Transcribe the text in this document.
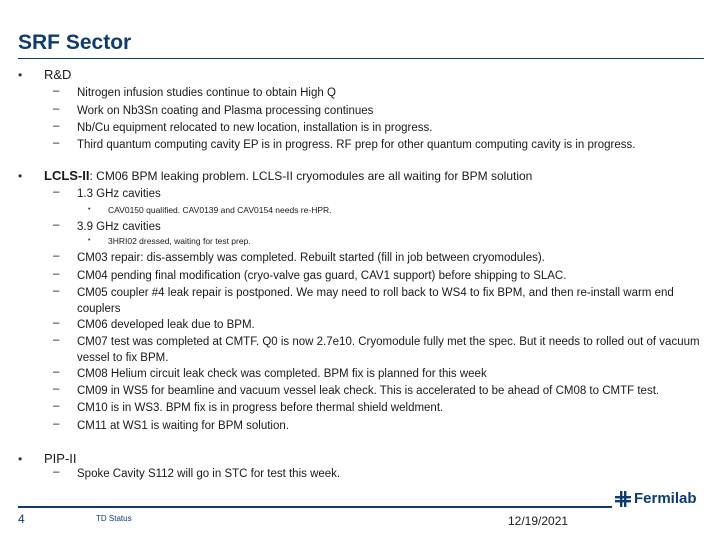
SRF Sector
• R&D
– Nitrogen infusion studies continue to obtain High Q
– Work on Nb3Sn coating and Plasma processing continues
– Nb/Cu equipment relocated to new location, installation is in progress.
– Third quantum computing cavity EP is in progress. RF prep for other quantum computing cavity is in progress.
• LCLS-II: CM06 BPM leaking problem. LCLS-II cryomodules are all waiting for BPM solution
– 1.3 GHz cavities
• CAV0150 qualified. CAV0139 and CAV0154 needs re-HPR.
– 3.9 GHz cavities
• 3HRI02 dressed, waiting for test prep.
– CM03 repair: dis-assembly was completed. Rebuilt started (fill in job between cryomodules).
– CM04 pending final modification (cryo-valve gas guard, CAV1 support) before shipping to SLAC.
– CM05 coupler #4 leak repair is postponed. We may need to roll back to WS4 to fix BPM, and then re-install warm end couplers
– CM06 developed leak due to BPM.
– CM07 test was completed at CMTF. Q0 is now 2.7e10. Cryomodule fully met the spec. But it needs to rolled out of vacuum vessel to fix BPM.
– CM08 Helium circuit leak check was completed. BPM fix is planned for this week
– CM09 in WS5 for beamline and vacuum vessel leak check. This is accelerated to be ahead of CM08 to CMTF test.
– CM10 is in WS3. BPM fix is in progress before thermal shield weldment.
– CM11 at WS1 is waiting for BPM solution.
• PIP-II
– Spoke Cavity S112 will go in STC for test this week.
Fermilab
4	TD Status	12/19/2021
